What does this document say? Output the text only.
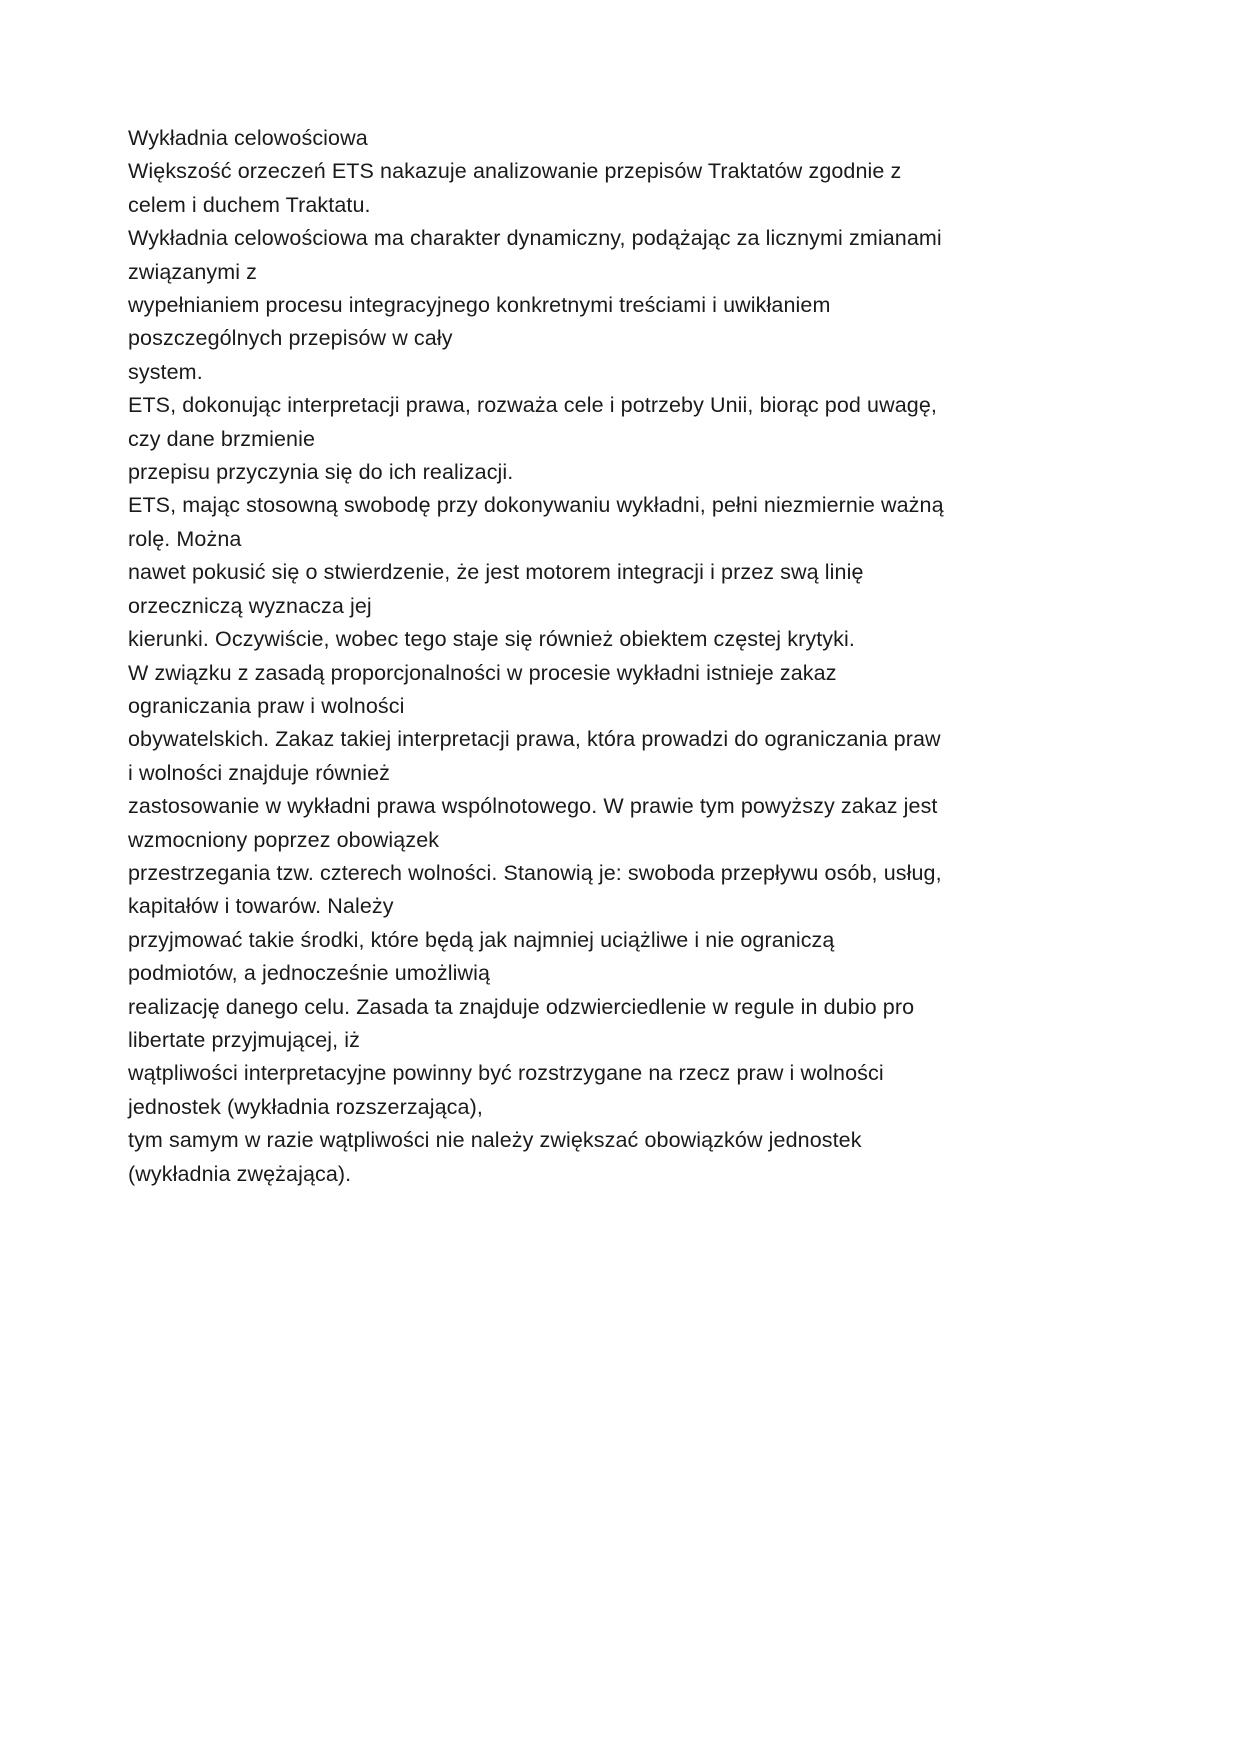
Wykładnia celowościowa
Większość orzeczeń ETS nakazuje analizowanie przepisów Traktatów zgodnie z
celem i duchem Traktatu.
Wykładnia celowościowa ma charakter dynamiczny, podążając za licznymi zmianami
związanymi z
wypełnianiem procesu integracyjnego konkretnymi treściami i uwikłaniem
poszczególnych przepisów w cały
system.
ETS, dokonując interpretacji prawa, rozważa cele i potrzeby Unii, biorąc pod uwagę,
czy dane brzmienie
przepisu przyczynia się do ich realizacji.
ETS, mając stosowną swobodę przy dokonywaniu wykładni, pełni niezmiernie ważną
rolę. Można
nawet pokusić się o stwierdzenie, że jest motorem integracji i przez swą linię
orzeczniczą wyznacza jej
kierunki. Oczywiście, wobec tego staje się również obiektem częstej krytyki.
W związku z zasadą proporcjonalności w procesie wykładni istnieje zakaz
ograniczania praw i wolności
obywatelskich. Zakaz takiej interpretacji prawa, która prowadzi do ograniczania praw
i wolności znajduje również
zastosowanie w wykładni prawa wspólnotowego. W prawie tym powyższy zakaz jest
wzmocniony poprzez obowiązek
przestrzegania tzw. czterech wolności. Stanowią je: swoboda przepływu osób, usług,
kapitałów i towarów. Należy
przyjmować takie środki, które będą jak najmniej uciążliwe i nie ograniczą
podmiotów, a jednocześnie umożliwią
realizację danego celu. Zasada ta znajduje odzwierciedlenie w regule in dubio pro
libertate przyjmującej, iż
wątpliwości interpretacyjne powinny być rozstrzygane na rzecz praw i wolności
jednostek (wykładnia rozszerzająca),
tym samym w razie wątpliwości nie należy zwiększać obowiązków jednostek
(wykładnia zwężająca).
